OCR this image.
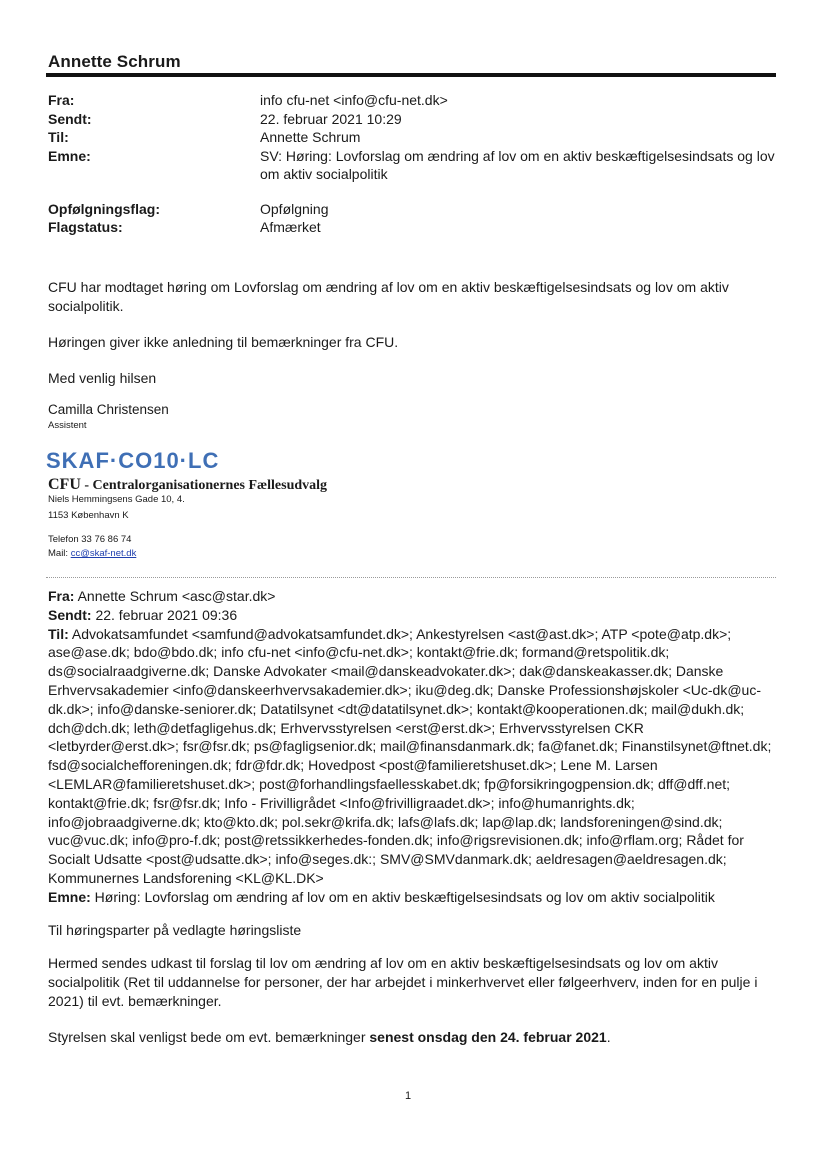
Annette Schrum
Fra:	info cfu-net <info@cfu-net.dk>
Sendt:	22. februar 2021 10:29
Til:	Annette Schrum
Emne:	SV: Høring: Lovforslag om ændring af lov om en aktiv beskæftigelsesindsats og lov om aktiv socialpolitik
Opfølgningsflag:	Opfølgning
Flagstatus:	Afmærket

CFU har modtaget høring om Lovforslag om ændring af lov om en aktiv beskæftigelsesindsats og lov om aktiv socialpolitik.

Høringen giver ikke anledning til bemærkninger fra CFU.

Med venlig hilsen

Camilla Christensen
Assistent
SKAF·CO10·LC
CFU - Centralorganisationernes Fællesudvalg
Niels Hemmingsens Gade 10, 4.
1153 København K
Telefon 33 76 86 74
Mail: cc@skaf-net.dk

Fra: Annette Schrum <asc@star.dk>

Sendt: 22. februar 2021 09:36

Til: Advokatsamfundet <samfund@advokatsamfundet.dk>; Ankestyrelsen <ast@ast.dk>; ATP <pote@atp.dk>; ase@ase.dk; bdo@bdo.dk; info cfu-net <info@cfu-net.dk>; kontakt@frie.dk; formand@retspolitik.dk; ds@socialraadgiverne.dk; Danske Advokater <mail@danskeadvokater.dk>; dak@danskeakasser.dk; Danske Erhvervsakademier <info@danskeerhvervsakademier.dk>; iku@deg.dk; Danske Professionshøjskoler <Uc-dk@uc-dk.dk>; info@danske-seniorer.dk; Datatilsynet <dt@datatilsynet.dk>; kontakt@kooperationen.dk; mail@dukh.dk; dch@dch.dk; leth@detfagligehus.dk; Erhvervsstyrelsen <erst@erst.dk>; Erhvervsstyrelsen CKR <letbyrder@erst.dk>; fsr@fsr.dk; ps@fagligsenior.dk; mail@finansdanmark.dk; fa@fanet.dk; Finanstilsynet@ftnet.dk; fsd@socialchefforeningen.dk; fdr@fdr.dk; Hovedpost <post@familieretshuset.dk>; Lene M. Larsen <LEMLAR@familieretshuset.dk>; post@forhandlingsfaellesskabet.dk; fp@forsikringogpension.dk; dff@dff.net; kontakt@frie.dk; fsr@fsr.dk; Info - Frivilligrådet <Info@frivilligraadet.dk>; info@humanrights.dk; info@jobraadgiverne.dk; kto@kto.dk; pol.sekr@krifa.dk; lafs@lafs.dk; lap@lap.dk; landsforeningen@sind.dk; vuc@vuc.dk; info@pro-f.dk; post@retssikkerhedes-fonden.dk; info@rigsrevisionen.dk; info@rflam.org; Rådet for Socialt Udsatte <post@udsatte.dk>; info@seges.dk:; SMV@SMVdanmark.dk; aeldresagen@aeldresagen.dk; Kommunernes Landsforening <KL@KL.DK>

Emne: Høring: Lovforslag om ændring af lov om en aktiv beskæftigelsesindsats og lov om aktiv socialpolitik

Til høringsparter på vedlagte høringsliste

Hermed sendes udkast til forslag til lov om ændring af lov om en aktiv beskæftigelsesindsats og lov om aktiv socialpolitik (Ret til uddannelse for personer, der har arbejdet i minkerhvervet eller følgeerhverv, inden for en pulje i 2021) til evt. bemærkninger.

Styrelsen skal venligst bede om evt. bemærkninger senest onsdag den 24. februar 2021.

1
